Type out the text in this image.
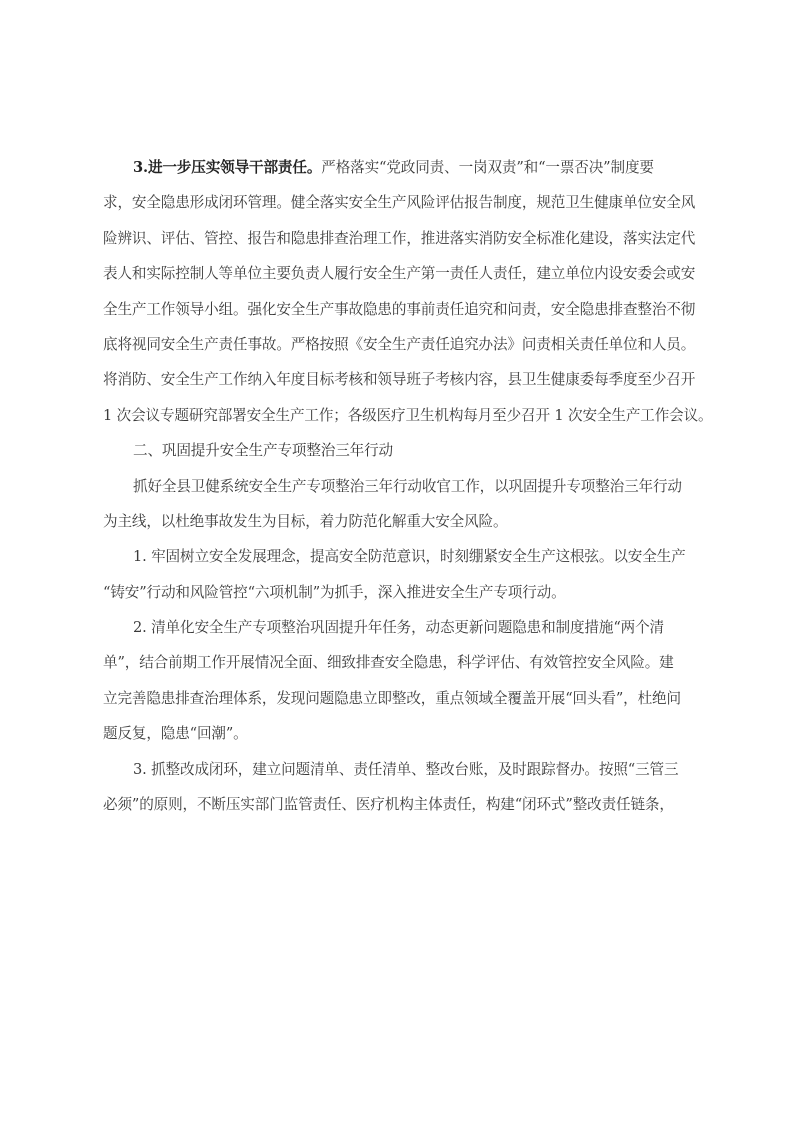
3.进一步压实领导干部责任。严格落实“党政同责、一岗双责”和“一票否决”制度要
求，安全隐患形成闭环管理。健全落实安全生产风险评估报告制度，规范卫生健康单位安全风
险辨识、评估、管控、报告和隐患排查治理工作，推进落实消防安全标准化建设，落实法定代
表人和实际控制人等单位主要负责人履行安全生产第一责任人责任，建立单位内设安委会或安
全生产工作领导小组。强化安全生产事故隐患的事前责任追究和问责，安全隐患排查整治不彻
底将视同安全生产责任事故。严格按照《安全生产责任追究办法》问责相关责任单位和人员。
将消防、安全生产工作纳入年度目标考核和领导班子考核内容，县卫生健康委每季度至少召开
1 次会议专题研究部署安全生产工作；各级医疗卫生机构每月至少召开 1 次安全生产工作会议。
二、巩固提升安全生产专项整治三年行动
抓好全县卫健系统安全生产专项整治三年行动收官工作，以巩固提升专项整治三年行动
为主线，以杜绝事故发生为目标，着力防范化解重大安全风险。
1. 牢固树立安全发展理念，提高安全防范意识，时刻绷紧安全生产这根弦。以安全生产
“铸安”行动和风险管控“六项机制”为抓手，深入推进安全生产专项行动。
2. 清单化安全生产专项整治巩固提升年任务，动态更新问题隐患和制度措施“两个清
单”，结合前期工作开展情况全面、细致排查安全隐患，科学评估、有效管控安全风险。建
立完善隐患排查治理体系，发现问题隐患立即整改，重点领域全覆盖开展“回头看”，杜绝问
题反复，隐患“回潮”。
3. 抓整改成闭环，建立问题清单、责任清单、整改台账，及时跟踪督办。按照“三管三
必须”的原则，不断压实部门监管责任、医疗机构主体责任，构建“闭环式”整改责任链条，
